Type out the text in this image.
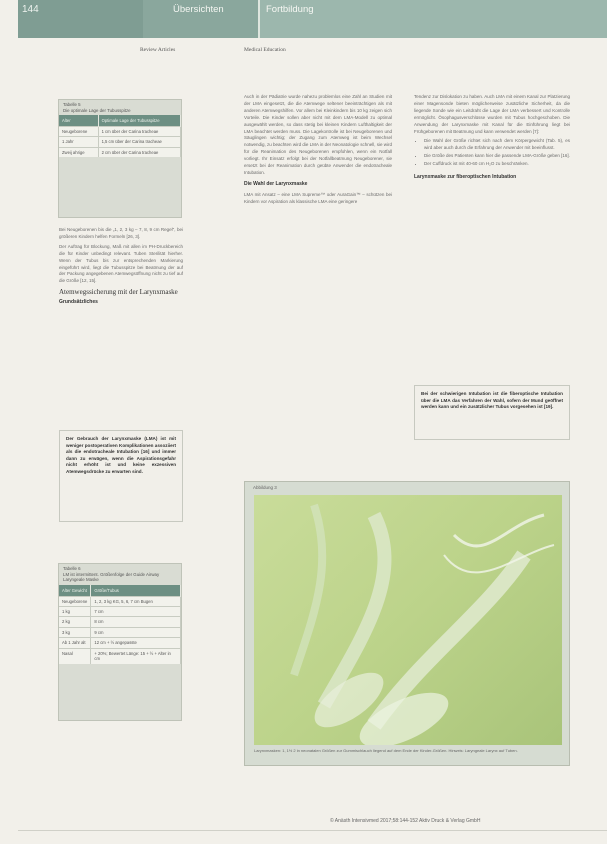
144	Übersichten	Fortbildung
Review Articles	Medical Education
Tabelle 5
Die optimale Lage der Tubusspitze
Alter	Optimale Lage der Tubusspitze
Neugeborene	1 cm über der Carina tracheae
1 Jahr	1,5 cm über der Carina tracheae
Zweij ahrige	2 cm über der Carina tracheae

Bei Neugeborenen bis die „1, 2, 3 kg – 7, 8, 9 cm Regel", bei größeren Kindern helfen Formeln [26, 3].

Der Auftrag für Blockung, Maß mit allen im PH-Druckbereich die für Kinder unbedingt relevant. Tuben Sterilität hierher. Wenn der Tubus bis zur entsprechenden Markierung eingeführt wird, liegt die Tubusspitze bei Beatmung der auf der Packung angegebenen Atemwegsöffnung nicht zu tief auf die Größe [12, 15].

Atemwegssicherung mit der Larynxmaske
Grundsätzliches
Der Gebrauch der Larynxmaske (LMA) ist mit weniger postoperativen Komplikationen assoziiert als die endotracheale Intubation [16] und immer dann zu erwägen, wenn die Aspirationsgefahr nicht erhöht ist und keine exzessiven Atemwegsdrücke zu erwarten sind.
Tabelle 6
LM ist intermittent. Größenfolge der Guide Airway Laryngeale Maske
Alter Gewicht	Größe/Tubus
Neugeborene	1, 2, 3 kg KG, 5, 6, 7 cm Bugen
1 kg	7 cm
2 kg	8 cm
3 kg	9 cm
Ab 1 Jahr alt	12 cm + ½ angepasste
Nasal	+ 20%; Bewertet Länge: 15 + ½ + Alter in cm

Auch in der Pädiatrie wurde nahezu problemlos eine Zahl an Studien mit der LMA eingesetzt, die die Atemwege seltener beeinträchtigen als mit anderen Atemwegshilfen. Vor allem bei Kleinkindern bis 10 kg zeigen sich Vorteile. Die Kinder sollen aber nicht mit dem LMA-Modell zu optimal ausgewählt werden, so dass stetig bei kleinen Kindern Lufthaltigkeit der LMA beachtet werden muss. Die Lagekontrolle ist bei Neugeborenen und Säuglingen wichtig; der Zugang zum Atemweg ist beim Wechsel notwendig, zu beachten wird die LMA in der Neonatologie schnell, sie wird für die Reanimation des Neugeborenen empfohlen, wenn ein Notfall vorliegt. Ihr Einsatz erfolgt bei der Notfallbeatmung Neugeborener, sie ersetzt bei der Reanimation durch geübte Anwender die endotracheale Intubation.

Die Wahl der Larynxmaske

LMA mit Ansatz ‒ eine LMA Supreme™ oder AuraGain™ ‒ schützen bei Kindern vor Aspiration als klassische LMA eine geringere

Tendenz zur Dislokation zu haben. Auch LMA mit einem Kanal zur Platzierung einer Magensonde bieten möglicherweise zusätzliche Sicherheit, da die liegende Sonde wie ein Leitdraht die Lage der LMA verbessert und Kontrolle ermöglicht. Ösophagusverschlüsse wurden mit Tubus hochgeschoben. Die Anwendung der Larynxmaske mit Kanal für die Einführung liegt bei Frühgeborenen mit Beatmung und kann verwendet werden [7]:

• Die Wahl der Größe richtet sich nach dem Körpergewicht (Tab. 5), es wird aber auch durch die Erfahrung der Anwender mit beeinflusst.
• Die Größe des Patienten kann hier die passende LMA-Größe geben [16].
• Der Cuffdruck ist mit 40-60 cm H₂O zu beschränken.
Larynxmaske zur fiberoptischen Intubation
Bei der schwierigen Intubation ist die fiberoptische Intubation über die LMA das Verfahren der Wahl, sofern der Mund geöffnet werden kann und ein zusätzlicher Tubus vorgesehen ist [19].
Abbildung 3
Larynxmasken: 1, 1½ 2 in neonatalen Größen zur Gummischlauch liegend auf dem Ende der Kinder-Größen. Hinweis: Laryngeale Larynx auf Tuben.
© Anästh Intensivmed 2017;58:144-152 Aktiv Druck & Verlag GmbH
